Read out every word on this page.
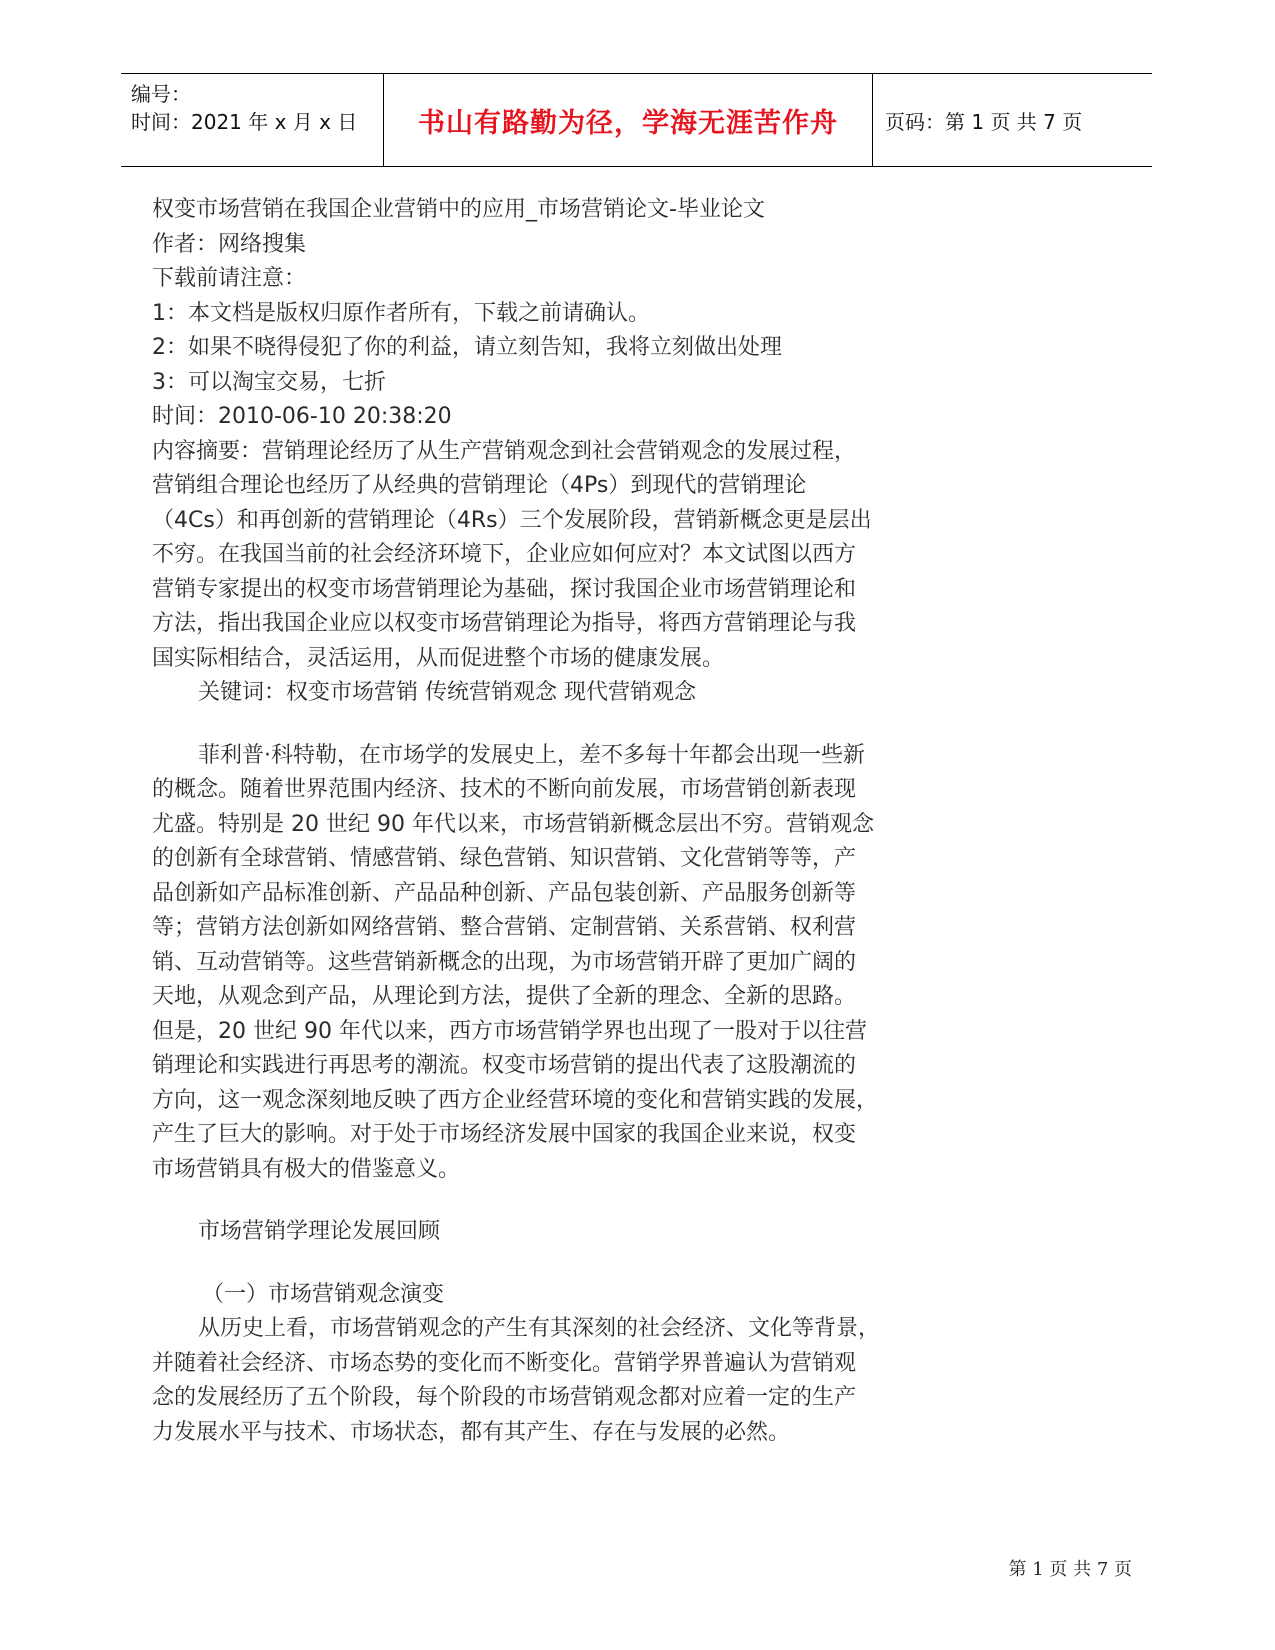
编号：
时间：2021 年 x 月 x 日	书山有路勤为径，学海无涯苦作舟	页码：第 1 页 共 7 页
权变市场营销在我国企业营销中的应用_市场营销论文-毕业论文
作者：网络搜集
下载前请注意：
1：本文档是版权归原作者所有，下载之前请确认。
2：如果不晓得侵犯了你的利益，请立刻告知，我将立刻做出处理
3：可以淘宝交易，七折
时间：2010-06-10 20:38:20
内容摘要：营销理论经历了从生产营销观念到社会营销观念的发展过程，
营销组合理论也经历了从经典的营销理论（4Ps）到现代的营销理论
（4Cs）和再创新的营销理论（4Rs）三个发展阶段，营销新概念更是层出
不穷。在我国当前的社会经济环境下，企业应如何应对？本文试图以西方
营销专家提出的权变市场营销理论为基础，探讨我国企业市场营销理论和
方法，指出我国企业应以权变市场营销理论为指导，将西方营销理论与我
国实际相结合，灵活运用，从而促进整个市场的健康发展。
关键词：权变市场营销 传统营销观念 现代营销观念
菲利普·科特勒，在市场学的发展史上，差不多每十年都会出现一些新
的概念。随着世界范围内经济、技术的不断向前发展，市场营销创新表现
尤盛。特别是 20 世纪 90 年代以来，市场营销新概念层出不穷。营销观念
的创新有全球营销、情感营销、绿色营销、知识营销、文化营销等等，产
品创新如产品标准创新、产品品种创新、产品包装创新、产品服务创新等
等；营销方法创新如网络营销、整合营销、定制营销、关系营销、权利营
销、互动营销等。这些营销新概念的出现，为市场营销开辟了更加广阔的
天地，从观念到产品，从理论到方法，提供了全新的理念、全新的思路。
但是，20 世纪 90 年代以来，西方市场营销学界也出现了一股对于以往营
销理论和实践进行再思考的潮流。权变市场营销的提出代表了这股潮流的
方向，这一观念深刻地反映了西方企业经营环境的变化和营销实践的发展，
产生了巨大的影响。对于处于市场经济发展中国家的我国企业来说，权变
市场营销具有极大的借鉴意义。
市场营销学理论发展回顾
（一）市场营销观念演变
从历史上看，市场营销观念的产生有其深刻的社会经济、文化等背景，
并随着社会经济、市场态势的变化而不断变化。营销学界普遍认为营销观
念的发展经历了五个阶段，每个阶段的市场营销观念都对应着一定的生产
力发展水平与技术、市场状态，都有其产生、存在与发展的必然。
第 1 页 共 7 页
